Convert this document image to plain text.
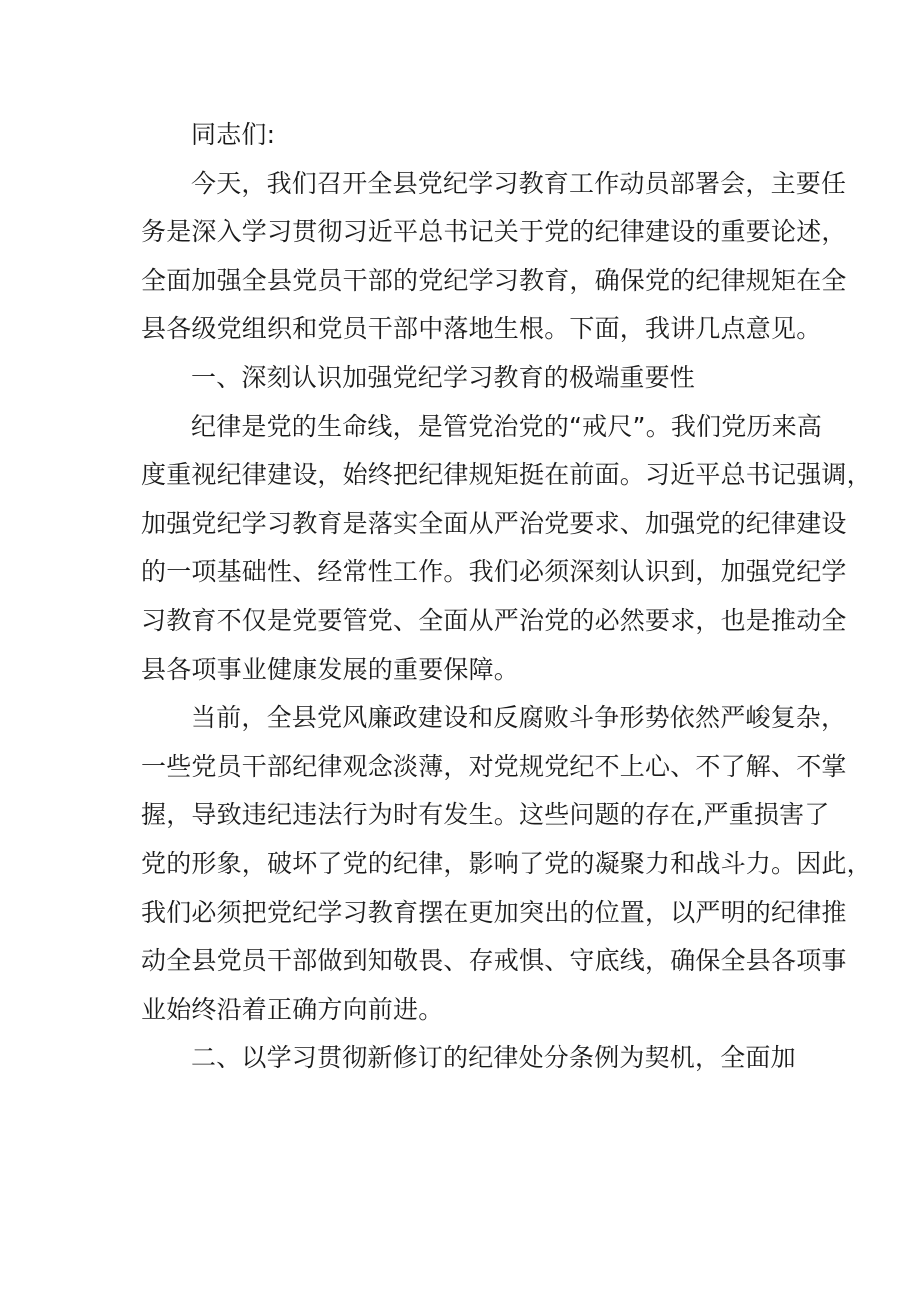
同志们:
今天，我们召开全县党纪学习教育工作动员部署会，主要任
务是深入学习贯彻习近平总书记关于党的纪律建设的重要论述，
全面加强全县党员干部的党纪学习教育，确保党的纪律规矩在全
县各级党组织和党员干部中落地生根。下面，我讲几点意见。
一、深刻认识加强党纪学习教育的极端重要性
纪律是党的生命线，是管党治党的“戒尺”。我们党历来高
度重视纪律建设，始终把纪律规矩挺在前面。习近平总书记强调，
加强党纪学习教育是落实全面从严治党要求、加强党的纪律建设
的一项基础性、经常性工作。我们必须深刻认识到，加强党纪学
习教育不仅是党要管党、全面从严治党的必然要求，也是推动全
县各项事业健康发展的重要保障。
当前，全县党风廉政建设和反腐败斗争形势依然严峻复杂，
一些党员干部纪律观念淡薄，对党规党纪不上心、不了解、不掌
握，导致违纪违法行为时有发生。这些问题的存在,严重损害了
党的形象，破坏了党的纪律，影响了党的凝聚力和战斗力。因此，
我们必须把党纪学习教育摆在更加突出的位置，以严明的纪律推
动全县党员干部做到知敬畏、存戒惧、守底线，确保全县各项事
业始终沿着正确方向前进。
二、以学习贯彻新修订的纪律处分条例为契机，全面加
